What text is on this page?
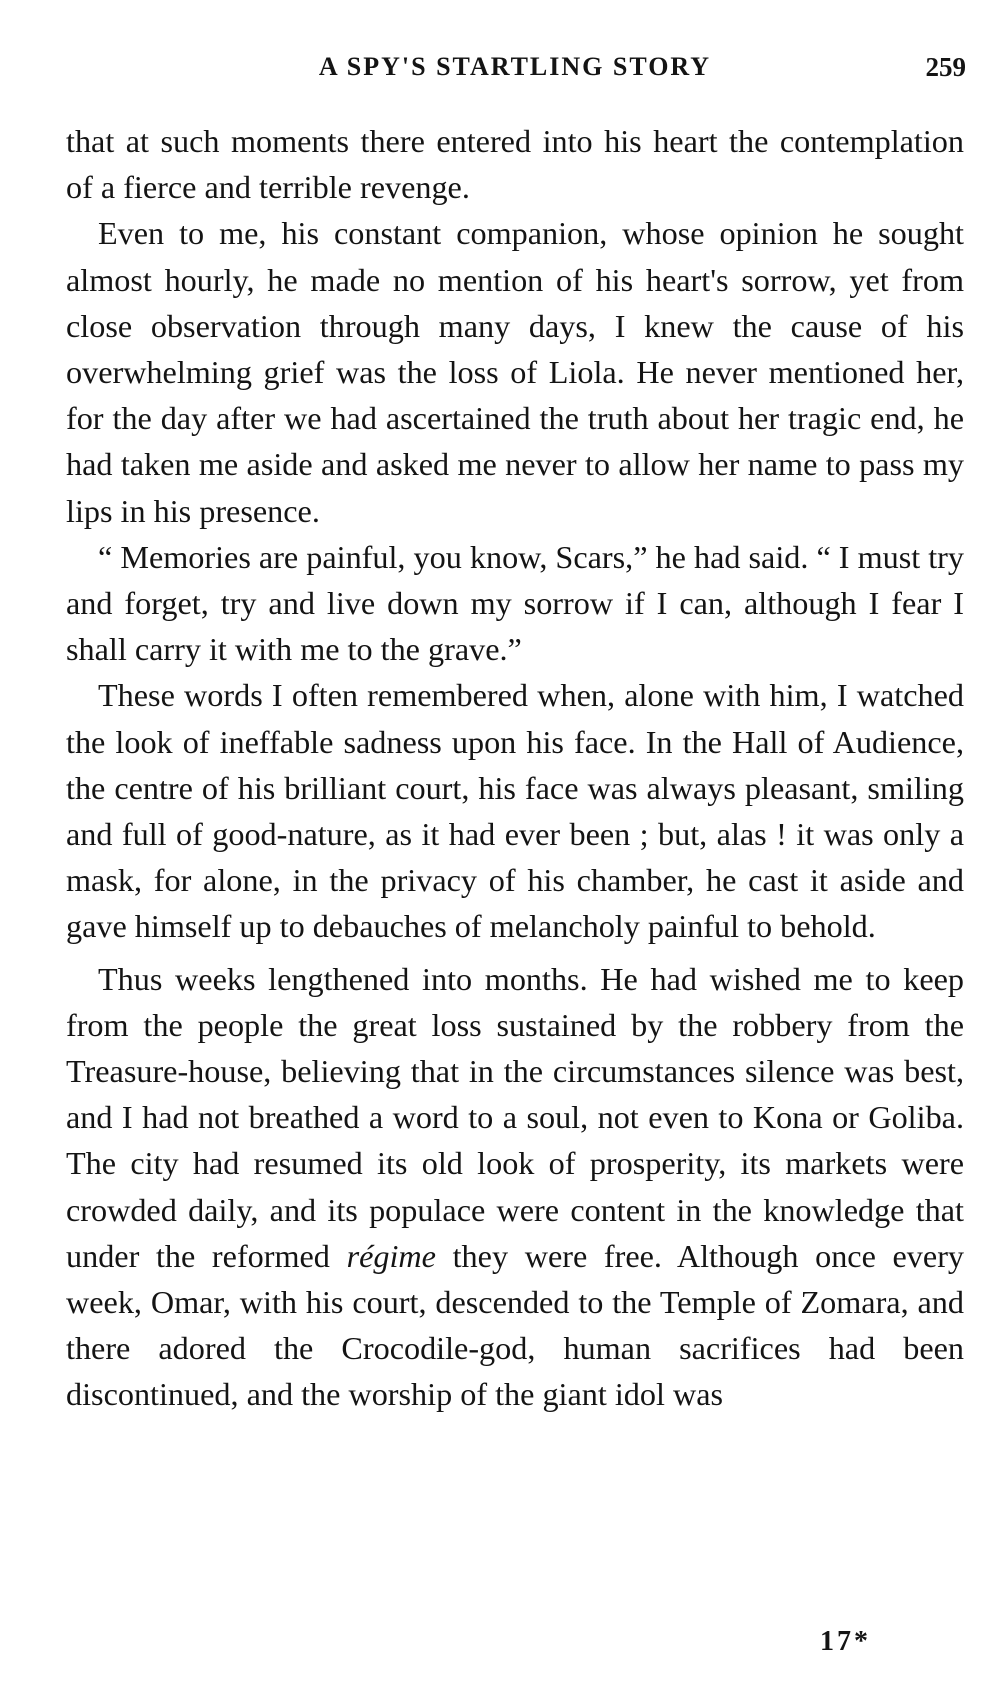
A SPY'S STARTLING STORY	259

that at such moments there entered into his heart the contemplation of a fierce and terrible revenge.

Even to me, his constant companion, whose opinion he sought almost hourly, he made no mention of his heart's sorrow, yet from close observation through many days, I knew the cause of his overwhelming grief was the loss of Liola. He never mentioned her, for the day after we had ascertained the truth about her tragic end, he had taken me aside and asked me never to allow her name to pass my lips in his presence.

“ Memories are painful, you know, Scars,” he had said. “ I must try and forget, try and live down my sorrow if I can, although I fear I shall carry it with me to the grave.”

These words I often remembered when, alone with him, I watched the look of ineffable sadness upon his face. In the Hall of Audience, the centre of his brilliant court, his face was always pleasant, smiling and full of good-nature, as it had ever been ; but, alas ! it was only a mask, for alone, in the privacy of his chamber, he cast it aside and gave himself up to debauches of melancholy painful to behold.

Thus weeks lengthened into months. He had wished me to keep from the people the great loss sustained by the robbery from the Treasure-house, believing that in the circumstances silence was best, and I had not breathed a word to a soul, not even to Kona or Goliba. The city had resumed its old look of prosperity, its markets were crowded daily, and its populace were content in the knowledge that under the reformed régime they were free. Although once every week, Omar, with his court, descended to the Temple of Zomara, and there adored the Crocodile-god, human sacrifices had been discontinued, and the worship of the giant idol was

17*
